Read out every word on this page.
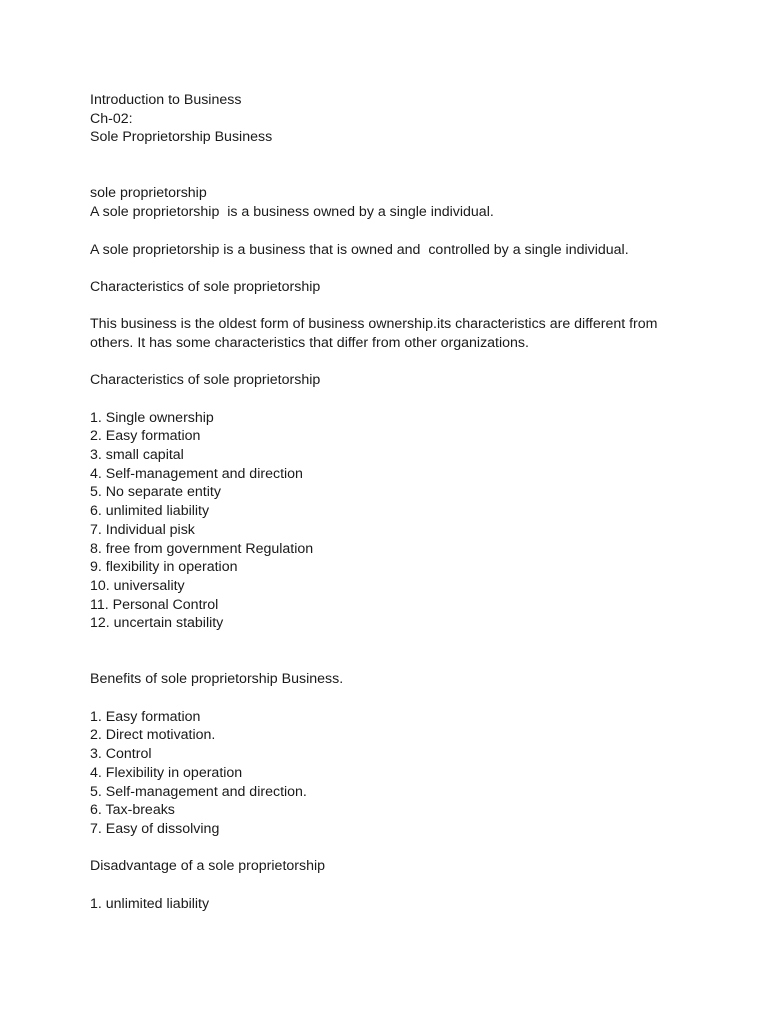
Introduction to Business
Ch-02:
Sole Proprietorship Business
sole proprietorship
A sole proprietorship  is a business owned by a single individual.
A sole proprietorship is a business that is owned and  controlled by a single individual.
Characteristics of sole proprietorship
This business is the oldest form of business ownership.its characteristics are different from others. It has some characteristics that differ from other organizations.
Characteristics of sole proprietorship
1. Single ownership
2. Easy formation
3. small capital
4. Self-management and direction
5. No separate entity
6. unlimited liability
7. Individual pisk
8. free from government Regulation
9. flexibility in operation
10. universality
11. Personal Control
12. uncertain stability
Benefits of sole proprietorship Business.
1. Easy formation
2. Direct motivation.
3. Control
4. Flexibility in operation
5. Self-management and direction.
6. Tax-breaks
7. Easy of dissolving
Disadvantage of a sole proprietorship
1. unlimited liability
